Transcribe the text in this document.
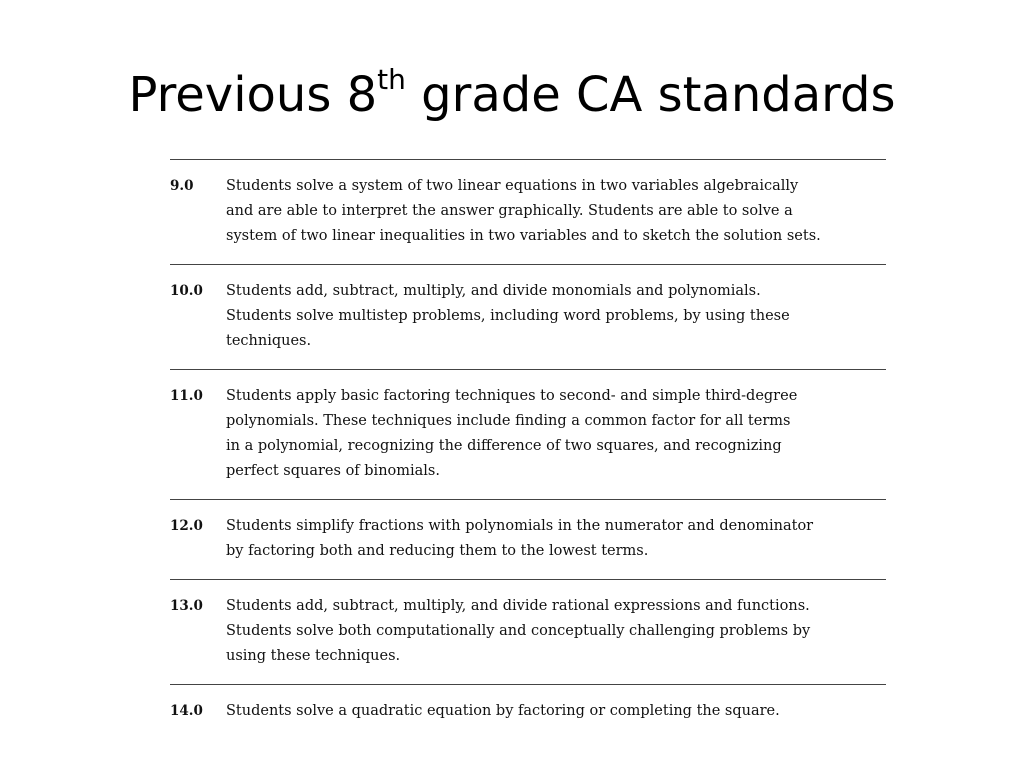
Previous 8th grade CA standards
9.0	Students solve a system of two linear equations in two variables algebraically
and are able to interpret the answer graphically. Students are able to solve a
system of two linear inequalities in two variables and to sketch the solution sets.
10.0	Students add, subtract, multiply, and divide monomials and polynomials.
Students solve multistep problems, including word problems, by using these
techniques.
11.0	Students apply basic factoring techniques to second- and simple third-degree
polynomials. These techniques include finding a common factor for all terms
in a polynomial, recognizing the difference of two squares, and recognizing
perfect squares of binomials.
12.0	Students simplify fractions with polynomials in the numerator and denominator
by factoring both and reducing them to the lowest terms.
13.0	Students add, subtract, multiply, and divide rational expressions and functions.
Students solve both computationally and conceptually challenging problems by
using these techniques.
14.0	Students solve a quadratic equation by factoring or completing the square.
